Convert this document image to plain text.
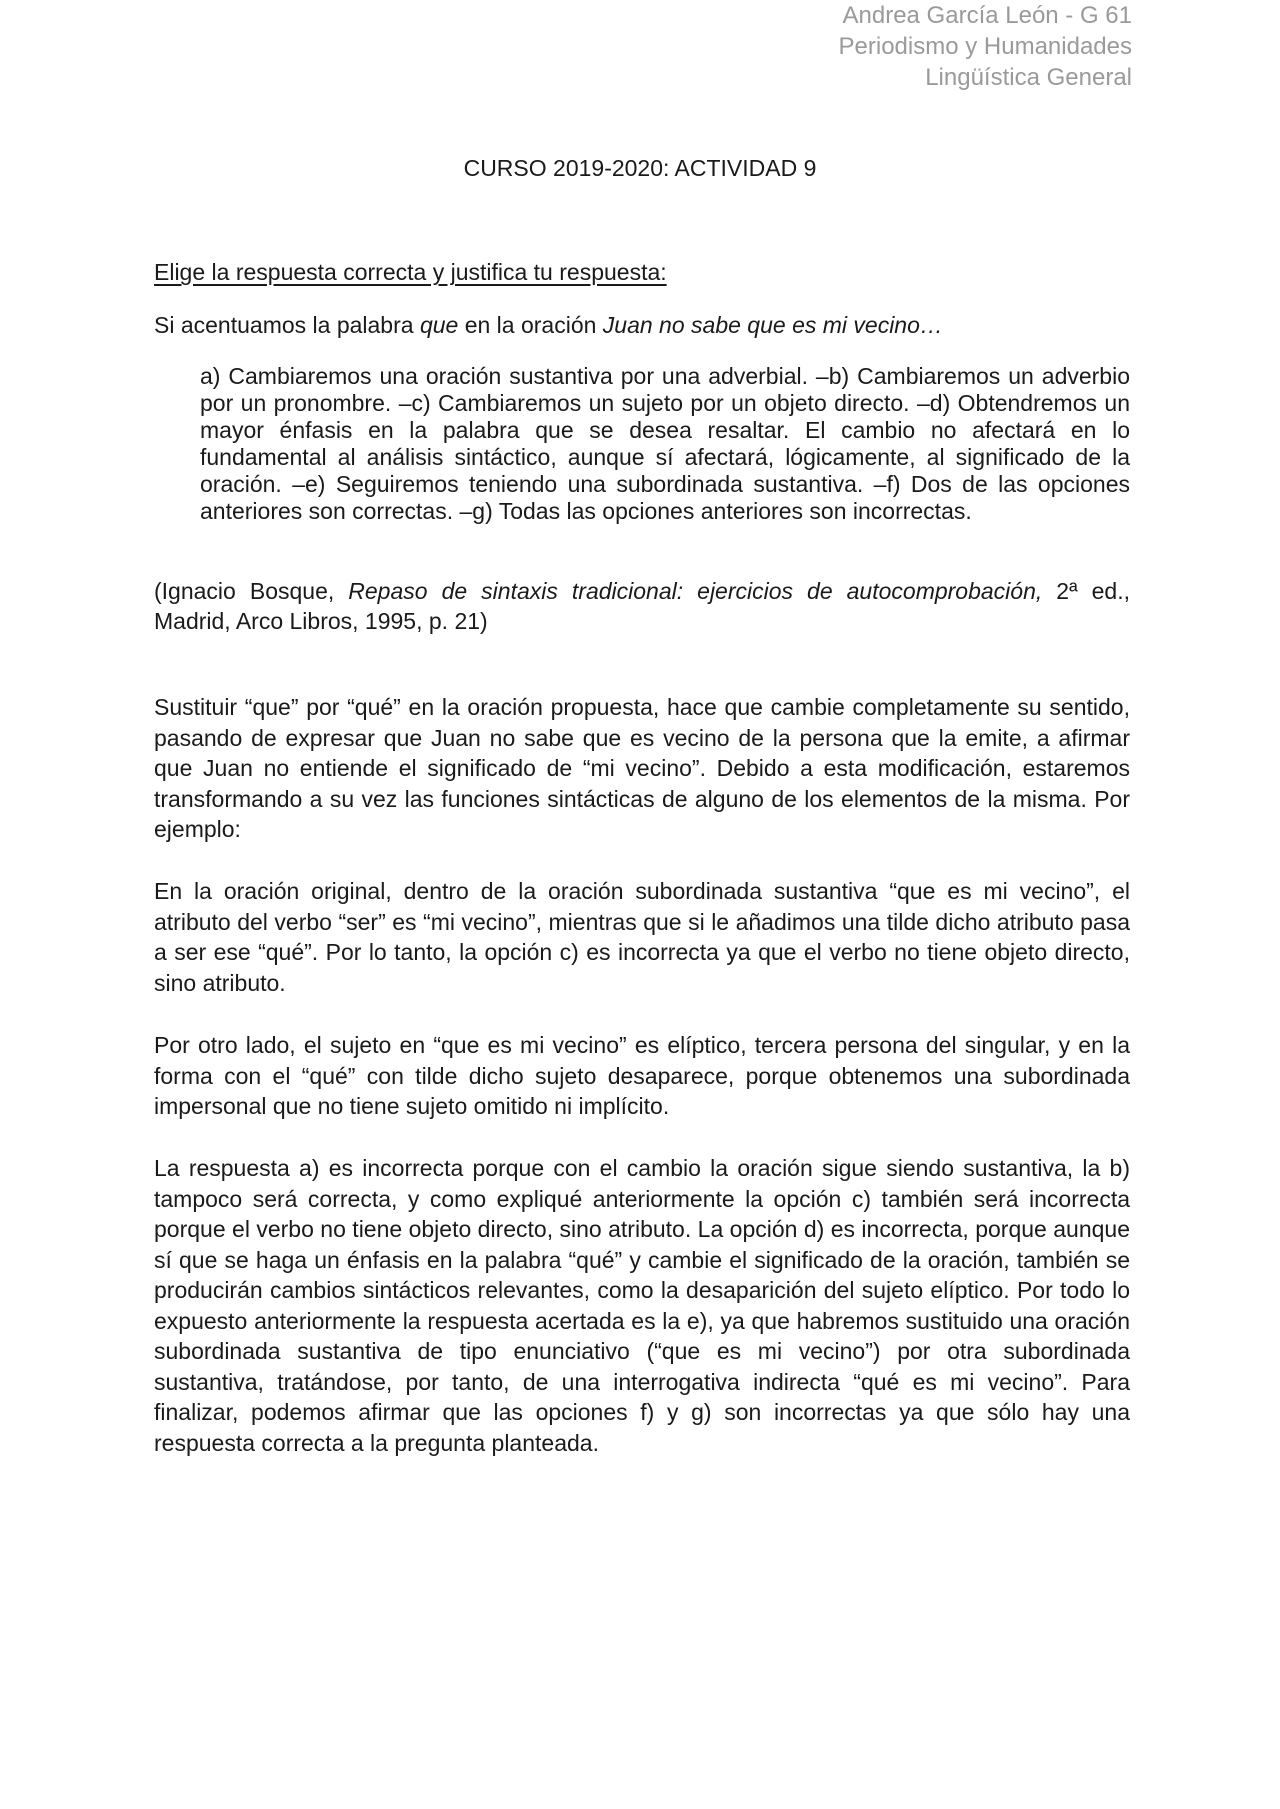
Andrea García León - G 61
Periodismo y Humanidades
Lingüística General
CURSO 2019-2020: ACTIVIDAD 9
Elige la respuesta correcta y justifica tu respuesta:
Si acentuamos la palabra que en la oración Juan no sabe que es mi vecino…

a) Cambiaremos una oración sustantiva por una adverbial. –b) Cambiaremos un adverbio por un pronombre. –c) Cambiaremos un sujeto por un objeto directo. –d) Obtendremos un mayor énfasis en la palabra que se desea resaltar. El cambio no afectará en lo fundamental al análisis sintáctico, aunque sí afectará, lógicamente, al significado de la oración. –e) Seguiremos teniendo una subordinada sustantiva. –f) Dos de las opciones anteriores son correctas. –g) Todas las opciones anteriores son incorrectas.

(Ignacio Bosque, Repaso de sintaxis tradicional: ejercicios de autocomprobación, 2ª ed., Madrid, Arco Libros, 1995, p. 21)

Sustituir “que” por “qué” en la oración propuesta, hace que cambie completamente su sentido, pasando de expresar que Juan no sabe que es vecino de la persona que la emite, a afirmar que Juan no entiende el significado de “mi vecino”. Debido a esta modificación, estaremos transformando a su vez las funciones sintácticas de alguno de los elementos de la misma. Por ejemplo:

En la oración original, dentro de la oración subordinada sustantiva “que es mi vecino”, el atributo del verbo “ser” es “mi vecino”, mientras que si le añadimos una tilde dicho atributo pasa a ser ese “qué”. Por lo tanto, la opción c) es incorrecta ya que el verbo no tiene objeto directo, sino atributo.

Por otro lado, el sujeto en “que es mi vecino” es elíptico, tercera persona del singular, y en la forma con el “qué” con tilde dicho sujeto desaparece, porque obtenemos una subordinada impersonal que no tiene sujeto omitido ni implícito.

La respuesta a) es incorrecta porque con el cambio la oración sigue siendo sustantiva, la b) tampoco será correcta, y como expliqué anteriormente la opción c) también será incorrecta porque el verbo no tiene objeto directo, sino atributo. La opción d) es incorrecta, porque aunque sí que se haga un énfasis en la palabra “qué” y cambie el significado de la oración, también se producirán cambios sintácticos relevantes, como la desaparición del sujeto elíptico. Por todo lo expuesto anteriormente la respuesta acertada es la e), ya que habremos sustituido una oración subordinada sustantiva de tipo enunciativo (“que es mi vecino”) por otra subordinada sustantiva, tratándose, por tanto, de una interrogativa indirecta “qué es mi vecino”. Para finalizar, podemos afirmar que las opciones f) y g) son incorrectas ya que sólo hay una respuesta correcta a la pregunta planteada.
